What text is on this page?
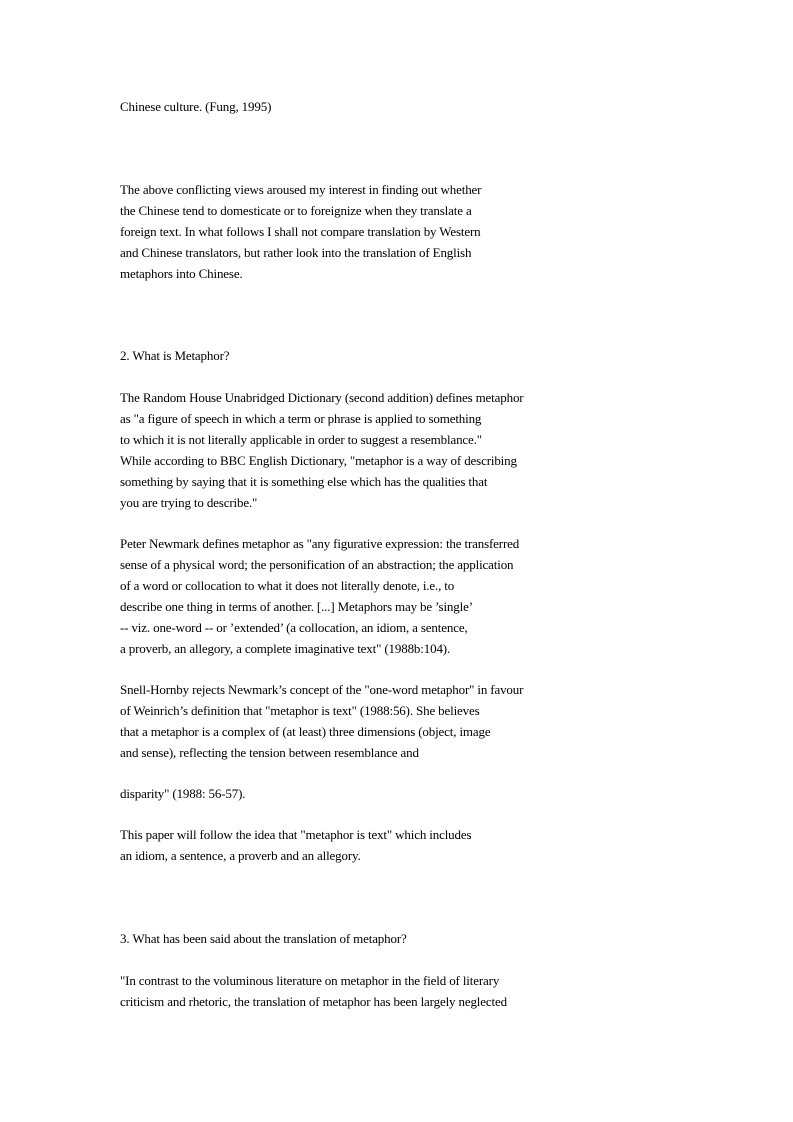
Chinese culture. (Fung, 1995)
The above conflicting views aroused my interest in finding out whether
the Chinese tend to domesticate or to foreignize when they translate a
foreign text. In what follows I shall not compare translation by Western
and Chinese translators, but rather look into the translation of English
metaphors into Chinese.
2. What is Metaphor?
The Random House Unabridged Dictionary (second addition) defines metaphor
as "a figure of speech in which a term or phrase is applied to something
to which it is not literally applicable in order to suggest a resemblance."
While according to BBC English Dictionary, "metaphor is a way of describing
something by saying that it is something else which has the qualities that
you are trying to describe."
Peter Newmark defines metaphor as "any figurative expression: the transferred
sense of a physical word; the personification of an abstraction; the application
of a word or collocation to what it does not literally denote, i.e., to
describe one thing in terms of another. [...] Metaphors may be ’single’
-- viz. one-word -- or ’extended’ (a collocation, an idiom, a sentence,
a proverb, an allegory, a complete imaginative text" (1988b:104).
Snell-Hornby rejects Newmark’s concept of the "one-word metaphor" in favour
of Weinrich’s definition that "metaphor is text" (1988:56). She believes
that a metaphor is a complex of (at least) three dimensions (object, image
and sense), reflecting the tension between resemblance and
disparity" (1988: 56-57).
This paper will follow the idea that "metaphor is text" which includes
an idiom, a sentence, a proverb and an allegory.
3. What has been said about the translation of metaphor?
"In contrast to the voluminous literature on metaphor in the field of literary
criticism and rhetoric, the translation of metaphor has been largely neglected
